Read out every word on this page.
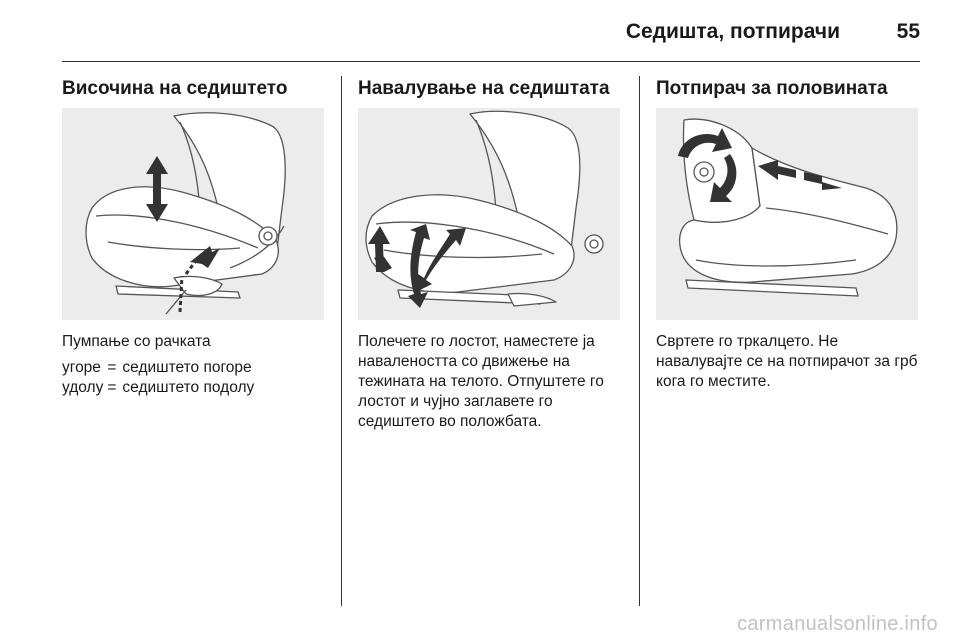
Седишта, потпирачи	55
Височина на седиштето

Пумпање со рачката

угоре	=	седиштето погоре
удолу	=	седиштето подолу
Навалување на седиштата
Полечете го лостот, наместете ја навалеността со движење на тежината на телото. Отпуштете го лостот и чујно заглавете го седиштето во положбата.
Потпирач за половината
Свртете го тркалцето. Не навалувајте се на потпирачот за грб кога го местите.
carmanualsonline.info
